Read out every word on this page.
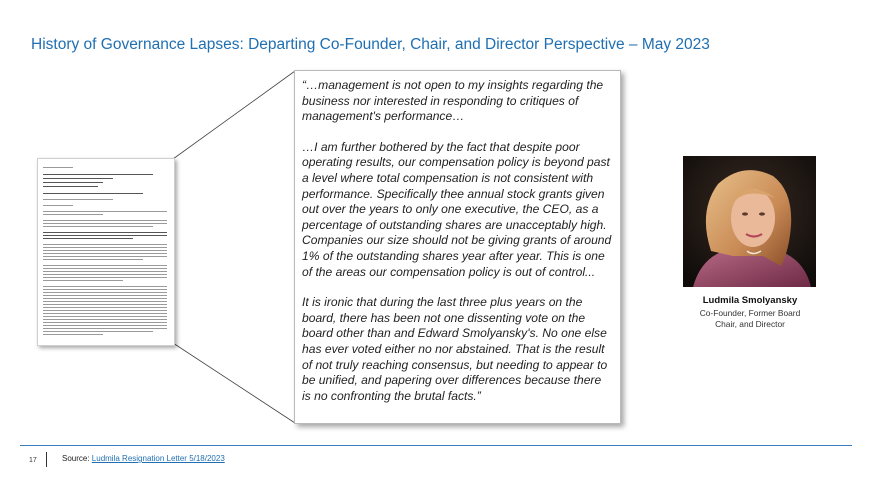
History of Governance Lapses: Departing Co-Founder, Chair, and Director Perspective – May 2023

“…management is not open to my insights regarding the business nor interested in responding to critiques of management's performance…

…I am further bothered by the fact that despite poor operating results, our compensation policy is beyond past a level where total compensation is not consistent with performance. Specifically thee annual stock grants given out over the years to only one executive, the CEO, as a percentage of outstanding shares are unacceptably high. Companies our size should not be giving grants of around 1% of the outstanding shares year after year. This is one of the areas our compensation policy is out of control...

It is ironic that during the last three plus years on the board, there has been not one dissenting vote on the board other than and Edward Smolyansky's. No one else has ever voted either no nor abstained. That is the result of not truly reaching consensus, but needing to appear to be unified, and papering over differences because there is no confronting the brutal facts.”

Ludmila Smolyansky
Co-Founder, Former Board
Chair, and Director
17	Source: Ludmila Resignation Letter 5/18/2023
